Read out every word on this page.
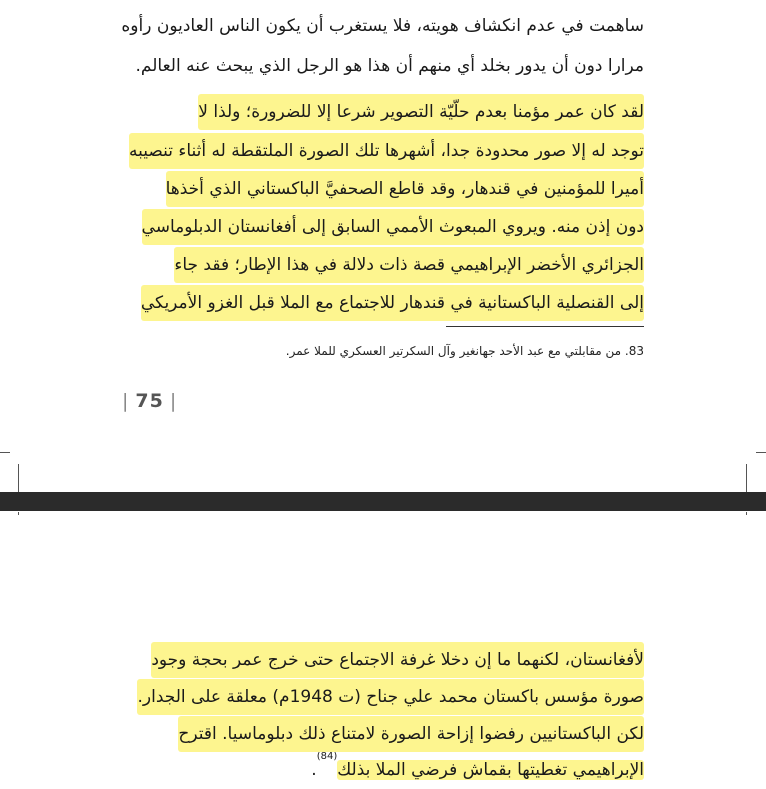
ساهمت في عدم انكشاف هويته، فلا يستغرب أن يكون الناس العاديون رأوه
مرارا دون أن يدور بخلد أي منهم أن هذا هو الرجل الذي يبحث عنه العالم.
لقد كان عمر مؤمنا بعدم حلّيّة التصوير شرعا إلا للضرورة؛ ولذا لا
توجد له إلا صور محدودة جدا، أشهرها تلك الصورة الملتقطة له أثناء تنصيبه
أميرا للمؤمنين في قندهار، وقد قاطع الصحفيَّ الباكستاني الذي أخذها
دون إذن منه. ويروي المبعوث الأممي السابق إلى أفغانستان الدبلوماسي
الجزائري الأخضر الإبراهيمي قصة ذات دلالة في هذا الإطار؛ فقد جاء
إلى القنصلية الباكستانية في قندهار للاجتماع مع الملا قبل الغزو الأمريكي
83. من مقابلتي مع عبد الأحد جهانغير وآل السكرتير العسكري للملا عمر.
| 75 |
لأفغانستان، لكنهما ما إن دخلا غرفة الاجتماع حتى خرج عمر بحجة وجود
صورة مؤسس باكستان محمد علي جناح (ت 1948م) معلقة على الجدار.
لكن الباكستانيين رفضوا إزاحة الصورة لامتناع ذلك دبلوماسيا. اقترح
الإبراهيمي تغطيتها بقماش فرضي الملا بذلك$^{(84)}$.
